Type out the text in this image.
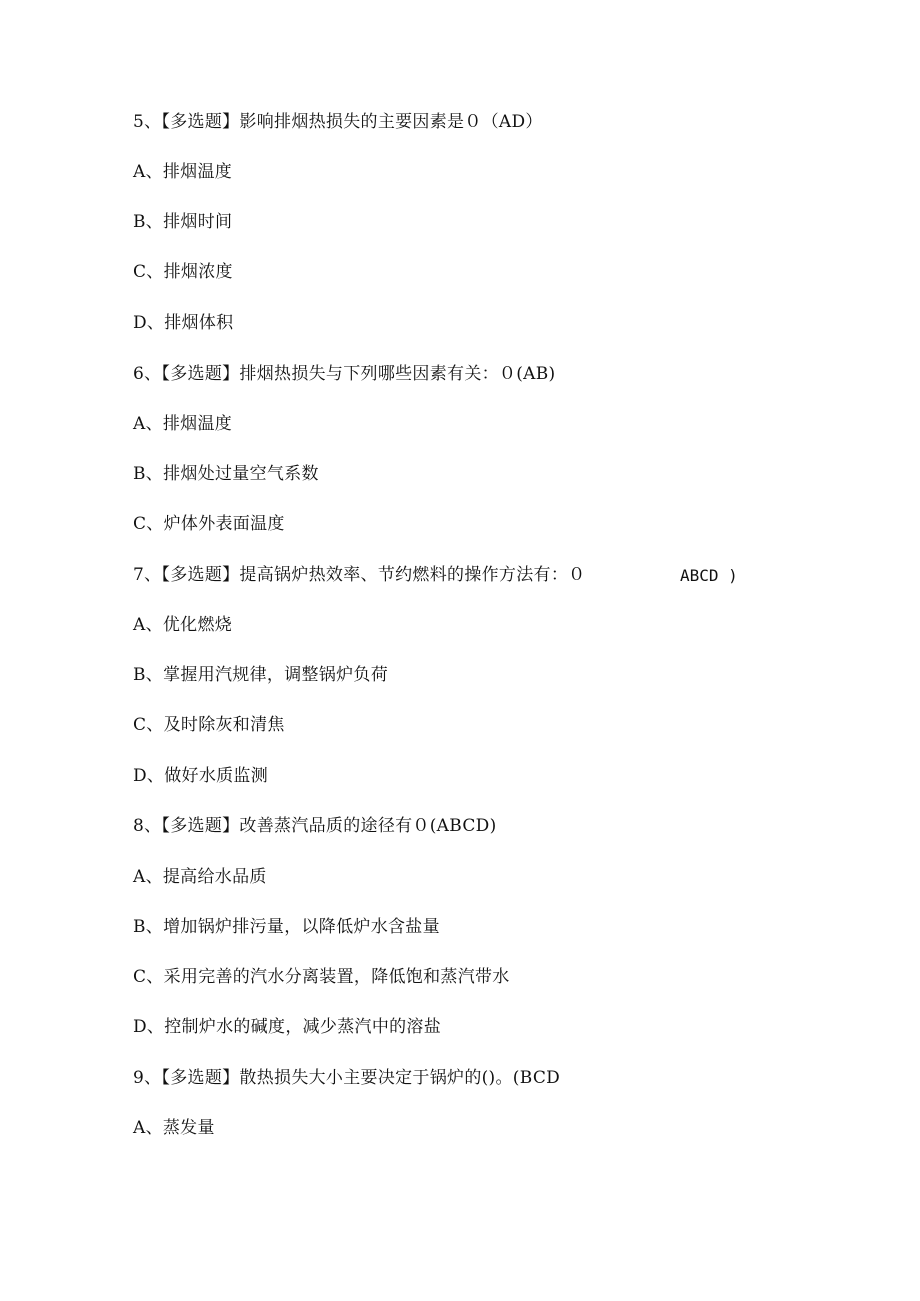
5、【多选题】影响排烟热损失的主要因素是０（AD）
A、排烟温度
B、排烟时间
C、排烟浓度
D、排烟体积
6、【多选题】排烟热损失与下列哪些因素有关：０(AB)
A、排烟温度
B、排烟处过量空气系数
C、炉体外表面温度
7、【多选题】提高锅炉热效率、节约燃料的操作方法有：０	ABCD )
A、优化燃烧
B、掌握用汽规律，调整锅炉负荷
C、及时除灰和清焦
D、做好水质监测
8、【多选题】改善蒸汽品质的途径有０(ABCD)
A、提高给水品质
B、增加锅炉排污量，以降低炉水含盐量
C、采用完善的汽水分离装置，降低饱和蒸汽带水
D、控制炉水的碱度，减少蒸汽中的溶盐
9、【多选题】散热损失大小主要决定于锅炉的()。(BCD
A、蒸发量
